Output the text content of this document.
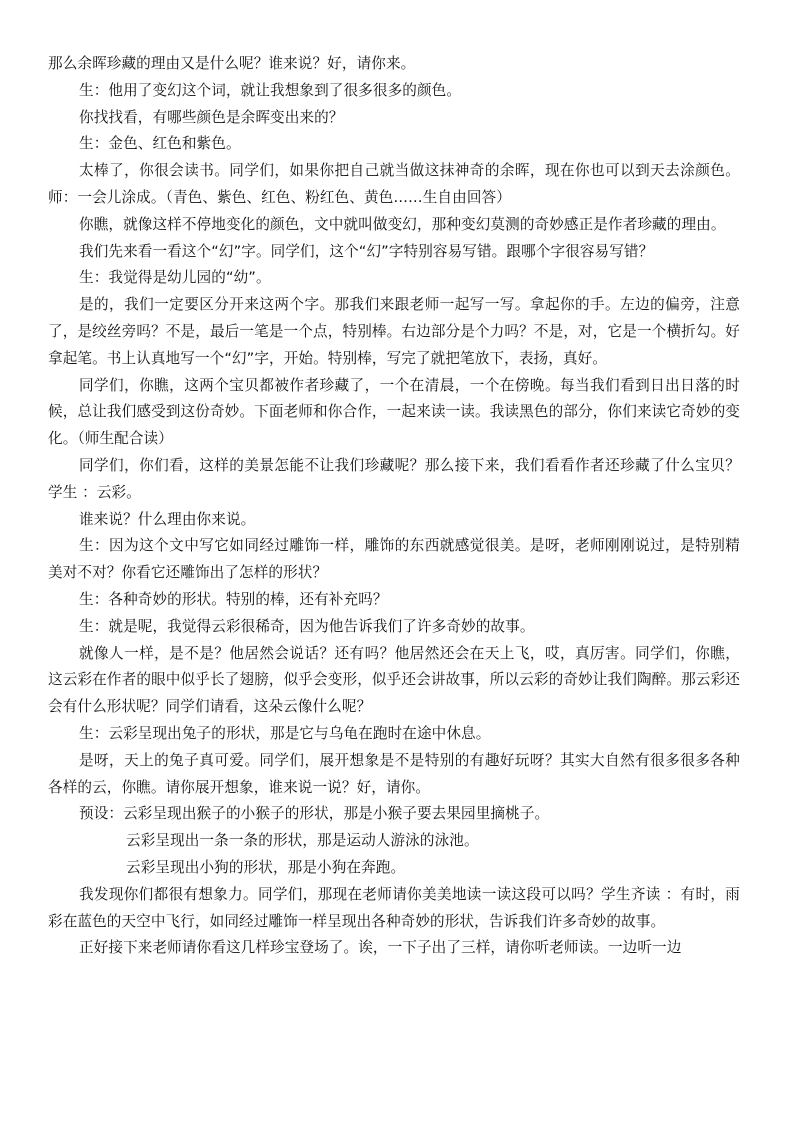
那么余晖珍藏的理由又是什么呢？谁来说？好，请你来。

生：他用了变幻这个词，就让我想象到了很多很多的颜色。

你找找看，有哪些颜色是余晖变出来的？

生：金色、红色和紫色。

太棒了，你很会读书。同学们，如果你把自己就当做这抹神奇的余晖，现在你也可以到天去涂颜色。师：一会儿涂成。（青色、紫色、红色、粉红色、黄色……生自由回答）

你瞧，就像这样不停地变化的颜色，文中就叫做变幻，那种变幻莫测的奇妙感正是作者珍藏的理由。

我们先来看一看这个“幻”字。同学们，这个“幻”字特别容易写错。跟哪个字很容易写错？

生：我觉得是幼儿园的“幼”。

是的，我们一定要区分开来这两个字。那我们来跟老师一起写一写。拿起你的手。左边的偏旁，注意了，是绞丝旁吗？不是，最后一笔是一个点，特别棒。右边部分是个力吗？不是，对，它是一个横折勾。好拿起笔。书上认真地写一个“幻”字，开始。特别棒，写完了就把笔放下，表扬，真好。

同学们，你瞧，这两个宝贝都被作者珍藏了，一个在清晨，一个在傍晚。每当我们看到日出日落的时候，总让我们感受到这份奇妙。下面老师和你合作，一起来读一读。我读黑色的部分，你们来读它奇妙的变化。（师生配合读）

同学们，你们看，这样的美景怎能不让我们珍藏呢？那么接下来，我们看看作者还珍藏了什么宝贝？学生 ：云彩。

谁来说？什么理由你来说。

生：因为这个文中写它如同经过雕饰一样，雕饰的东西就感觉很美。是呀，老师刚刚说过，是特别精美对不对？你看它还雕饰出了怎样的形状？

生：各种奇妙的形状。特别的棒，还有补充吗？

生：就是呢，我觉得云彩很稀奇，因为他告诉我们了许多奇妙的故事。

就像人一样，是不是？他居然会说话？还有吗？他居然还会在天上飞，哎，真厉害。同学们，你瞧，这云彩在作者的眼中似乎长了翅膀，似乎会变形，似乎还会讲故事，所以云彩的奇妙让我们陶醉。那云彩还会有什么形状呢？同学们请看，这朵云像什么呢？

生：云彩呈现出兔子的形状，那是它与乌龟在跑时在途中休息。

是呀，天上的兔子真可爱。同学们，展开想象是不是特别的有趣好玩呀？其实大自然有很多很多各种各样的云，你瞧。请你展开想象，谁来说一说？好，请你。

预设：云彩呈现出猴子的小猴子的形状，那是小猴子要去果园里摘桃子。

云彩呈现出一条一条的形状，那是运动人游泳的泳池。

云彩呈现出小狗的形状，那是小狗在奔跑。

我发现你们都很有想象力。同学们，那现在老师请你美美地读一读这段可以吗？学生齐读 ：有时，雨彩在蓝色的天空中飞行，如同经过雕饰一样呈现出各种奇妙的形状，告诉我们许多奇妙的故事。

正好接下来老师请你看这几样珍宝登场了。诶，一下子出了三样，请你听老师读。一边听一边
